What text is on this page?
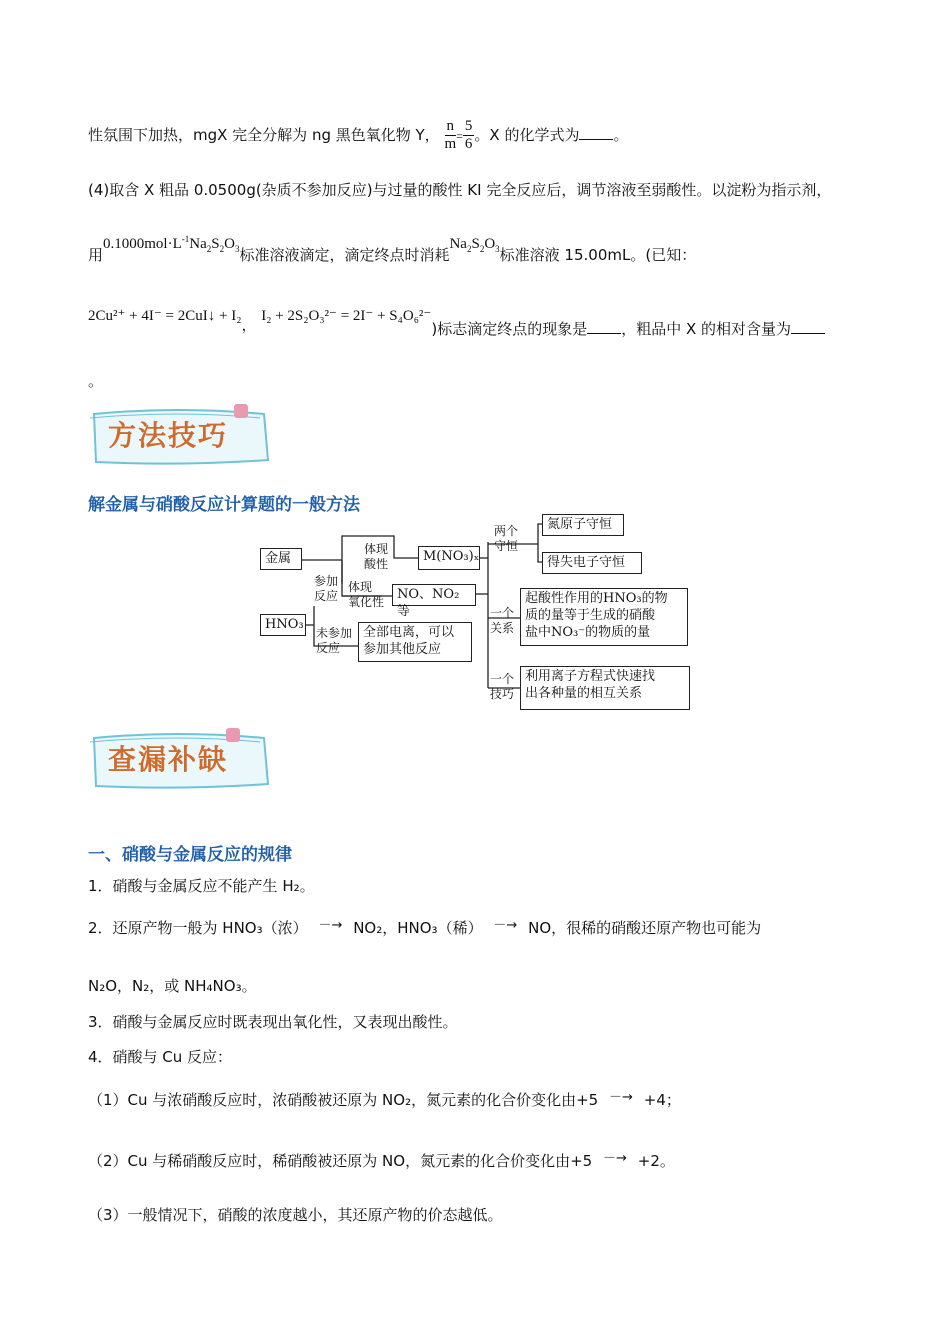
性氛围下加热，mgX 完全分解为 ng 黑色氧化物 Y， $\frac{n}{m} = \frac{5}{6}$ 。X 的化学式为 。
(4)取含 X 粗品 0.0500g(杂质不参加反应)与过量的酸性 KI 完全反应后，调节溶液至弱酸性。以淀粉为指示剂，
用$0.1000mol\cdot L^{-1}Na_2S_2O_3$标准溶液滴定，滴定终点时消耗$Na_2S_2O_3$标准溶液 15.00mL。(已知：
2Cu²⁺ + 4I⁻ = 2CuI↓ + I₂， I₂ + 2S₂O₃²⁻ = 2I⁻ + S₄O₆²⁻)标志滴定终点的现象是 ，粗品中 X 的相对含量为
。
方法技巧
解金属与硝酸反应计算题的一般方法
金属
HNO₃
参加
反应
未参加
反应
体现
酸性
体现
氧化性
M(NO₃)ₓ
NO、NO₂等
全部电离，可以
参加其他反应
两个
守恒
氮原子守恒
得失电子守恒
一个
关系
起酸性作用的HNO₃的物
质的量等于生成的硝酸
盐中NO₃⁻的物质的量
一个
技巧
利用离子方程式快速找
出各种量的相互关系
查漏补缺
一、硝酸与金属反应的规律
1．硝酸与金属反应不能产生 H₂。
2．还原产物一般为 HNO₃（浓） －→ NO₂，HNO₃（稀） －→ NO，很稀的硝酸还原产物也可能为
N₂O，N₂，或 NH₄NO₃。
3．硝酸与金属反应时既表现出氧化性，又表现出酸性。
4．硝酸与 Cu 反应：
（1）Cu 与浓硝酸反应时，浓硝酸被还原为 NO₂，氮元素的化合价变化由+5 －→ +4；
（2）Cu 与稀硝酸反应时，稀硝酸被还原为 NO，氮元素的化合价变化由+5 －→ +2。
（3）一般情况下，硝酸的浓度越小，其还原产物的价态越低。
